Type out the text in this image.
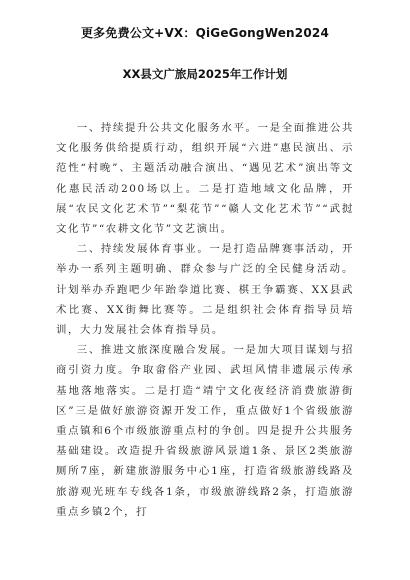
更多免费公文+VX：QiGeGongWen2024
XX县文广旅局2025年工作计划

一、持续提升公共文化服务水平。一是全面推进公共文化服务供给提质行动，组织开展“六进”惠民演出、示范性“村晚”、主题活动融合演出、“遇见艺术”演出等文化惠民活动200场以上。二是打造地域文化品牌，开展“农民文化艺术节”“梨花节”“赣人文化艺术节”“武挝文化节”“农耕文化节”文艺演出。

二、持续发展体育事业。一是打造品牌赛事活动，开举办一系列主题明确、群众参与广泛的全民健身活动。计划举办乔跑吧少年跆拳道比赛、棋王争霸赛、XX县武术比赛、XX街舞比赛等。二是组织社会体育指导员培训，大力发展社会体育指导员。

三、推进文旅深度融合发展。一是加大项目谋划与招商引资力度。争取畲俗产业园、武垣风情非遗展示传承基地落地落实。二是打造“靖宁文化夜经济消费旅游街区”三是做好旅游资源开发工作，重点做好1个省级旅游重点镇和6个市级旅游重点村的争创。四是提升公共服务基础建设。改造提升省级旅游风景道1条、景区2类旅游厕所7座，新建旅游服务中心1座，打造省级旅游线路及旅游观光班车专线各1条，市级旅游线路2条，打造旅游重点乡镇2个，打
